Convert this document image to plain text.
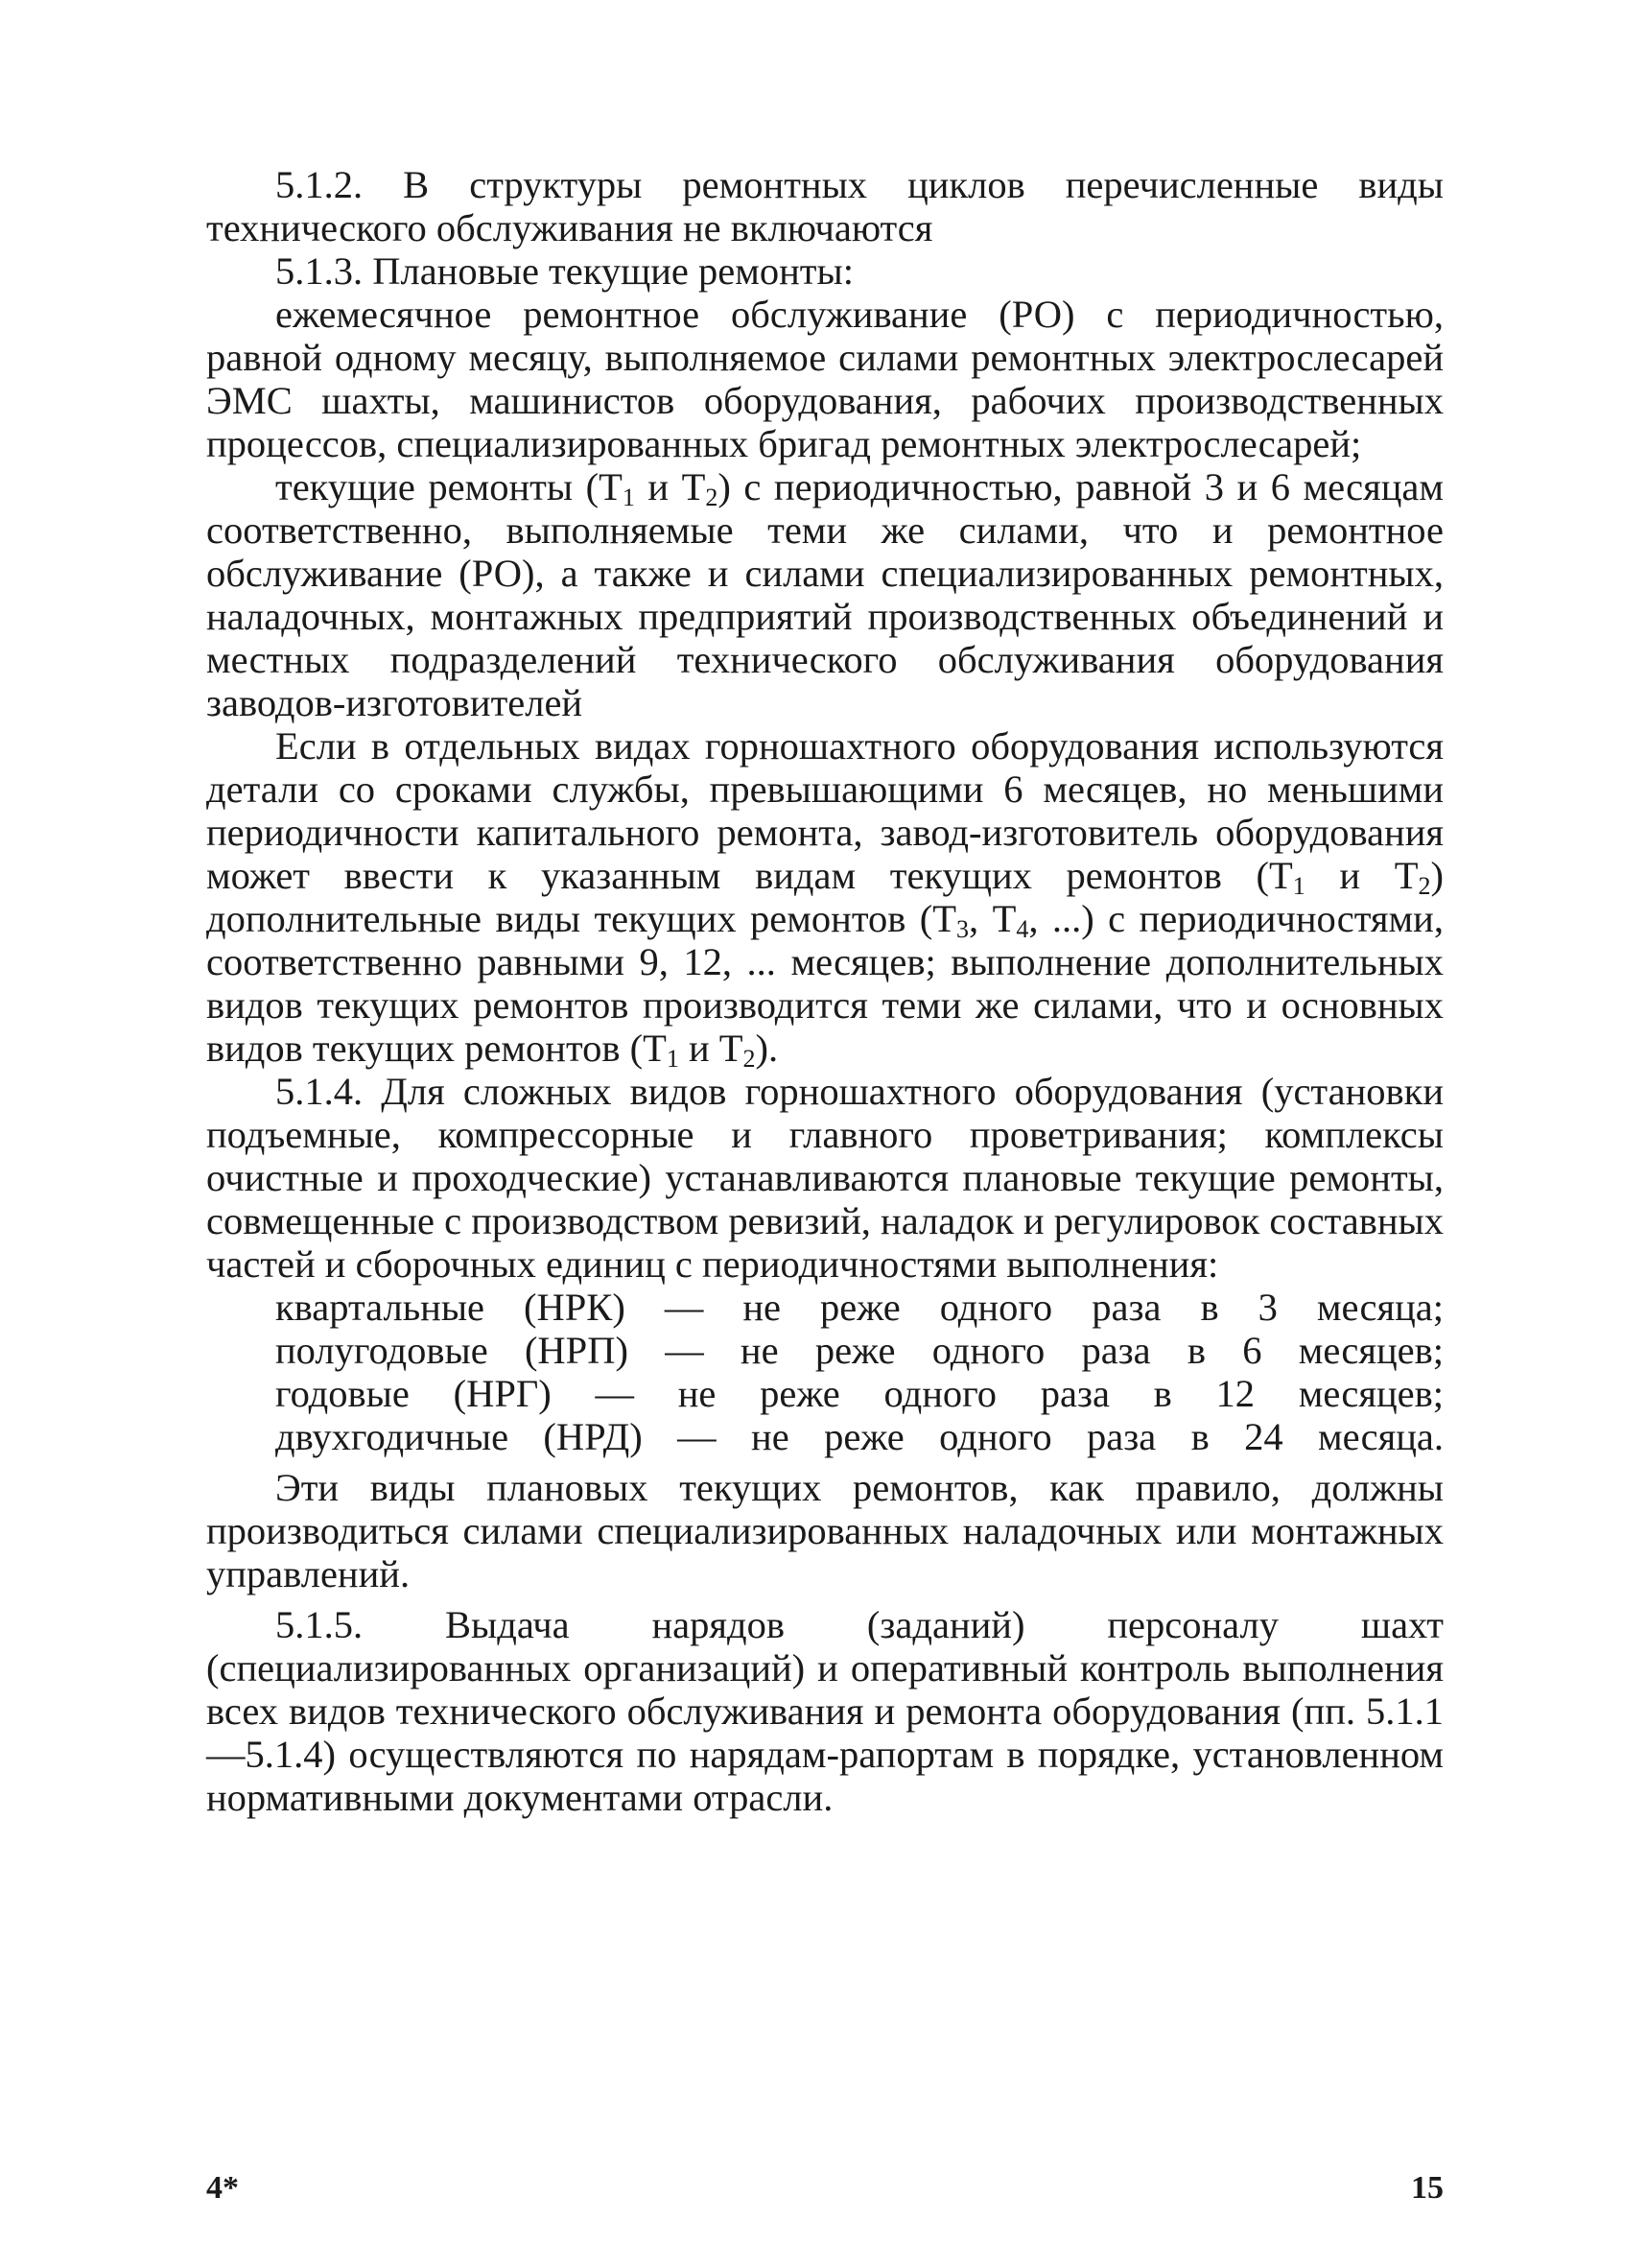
5.1.2. В структуры ремонтных циклов перечисленные виды технического обслуживания не включаются

5.1.3. Плановые текущие ремонты:

ежемесячное ремонтное обслуживание (РО) с периодичностью, равной одному месяцу, выполняемое силами ремонтных электрослесарей ЭМС шахты, машинистов оборудования, рабочих производственных процессов, специализированных бригад ремонтных электрослесарей;

текущие ремонты ($Т_1$ и $Т_2$) с периодичностью, равной 3 и 6 месяцам соответственно, выполняемые теми же силами, что и ремонтное обслуживание (РО), а также и силами специализированных ремонтных, наладочных, монтажных предприятий производственных объединений и местных подразделений технического обслуживания оборудования заводов-изготовителей

Если в отдельных видах горношахтного оборудования используются детали со сроками службы, превышающими 6 месяцев, но меньшими периодичности капитального ремонта, завод-изготовитель оборудования может ввести к указанным видам текущих ремонтов ($Т_1$ и $Т_2$) дополнительные виды текущих ремонтов ($Т_3$, $Т_4$, ...) с периодичностями, соответственно равными 9, 12, ... месяцев; выполнение дополнительных видов текущих ремонтов производится теми же силами, что и основных видов текущих ремонтов ($Т_1$ и $Т_2$).

5.1.4. Для сложных видов горношахтного оборудования (установки подъемные, компрессорные и главного проветривания; комплексы очистные и проходческие) устанавливаются плановые текущие ремонты, совмещенные с производством ревизий, наладок и регулировок составных частей и сборочных единиц с периодичностями выполнения:

квартальные (НРК) — не реже одного раза в 3 месяца;

полугодовые (НРП) — не реже одного раза в 6 месяцев;

годовые (НРГ) — не реже одного раза в 12 месяцев;

двухгодичные (НРД) — не реже одного раза в 24 месяца.

Эти виды плановых текущих ремонтов, как правило, должны производиться силами специализированных наладочных или монтажных управлений.

5.1.5. Выдача нарядов (заданий) персоналу шахт (специализированных организаций) и оперативный контроль выполнения всех видов технического обслуживания и ремонта оборудования (пп. 5.1.1—5.1.4) осуществляются по нарядам-рапортам в порядке, установленном нормативными документами отрасли.

4*	15
